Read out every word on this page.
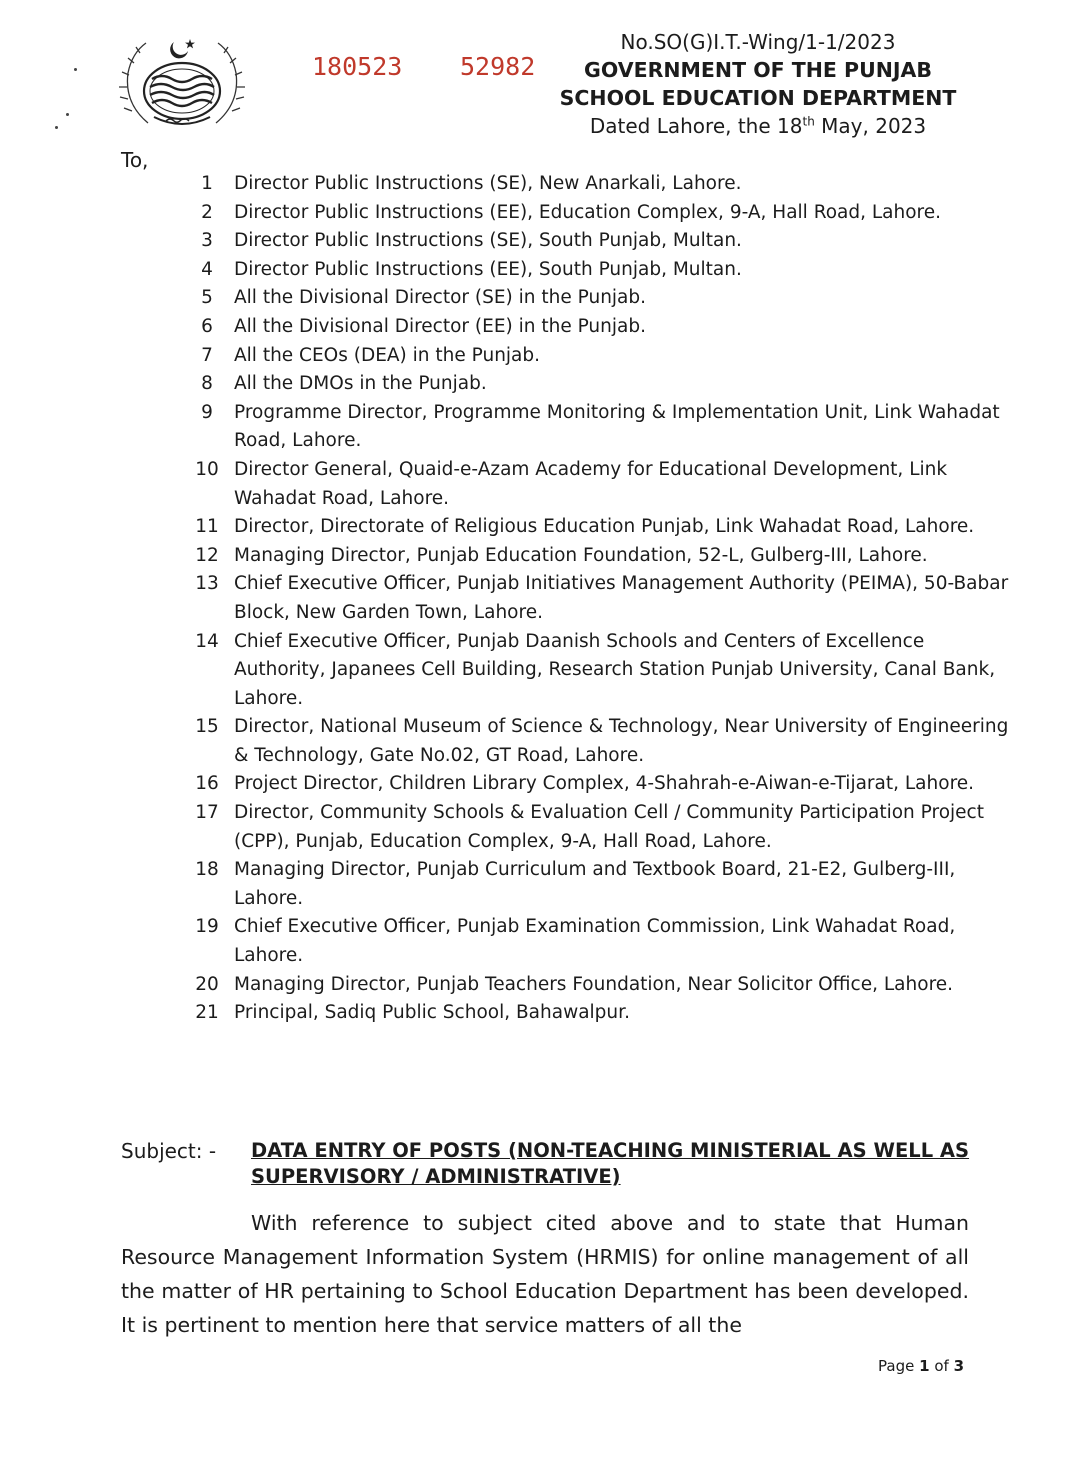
180523 52982
No.SO(G)I.T.-Wing/1-1/2023
GOVERNMENT OF THE PUNJAB
SCHOOL EDUCATION DEPARTMENT
Dated Lahore, the 18th May, 2023
To,
1	Director Public Instructions (SE), New Anarkali, Lahore.
2	Director Public Instructions (EE), Education Complex, 9-A, Hall Road, Lahore.
3	Director Public Instructions (SE), South Punjab, Multan.
4	Director Public Instructions (EE), South Punjab, Multan.
5	All the Divisional Director (SE) in the Punjab.
6	All the Divisional Director (EE) in the Punjab.
7	All the CEOs (DEA) in the Punjab.
8	All the DMOs in the Punjab.
9	Programme Director, Programme Monitoring & Implementation Unit, Link Wahadat Road, Lahore.
10 Director General, Quaid-e-Azam Academy for Educational Development, Link Wahadat Road, Lahore.
11 Director, Directorate of Religious Education Punjab, Link Wahadat Road, Lahore.
12 Managing Director, Punjab Education Foundation, 52-L, Gulberg-III, Lahore.
13 Chief Executive Officer, Punjab Initiatives Management Authority (PEIMA), 50-Babar Block, New Garden Town, Lahore.
14 Chief Executive Officer, Punjab Daanish Schools and Centers of Excellence Authority, Japanees Cell Building, Research Station Punjab University, Canal Bank, Lahore.
15 Director, National Museum of Science & Technology, Near University of Engineering & Technology, Gate No.02, GT Road, Lahore.
16 Project Director, Children Library Complex, 4-Shahrah-e-Aiwan-e-Tijarat, Lahore.
17 Director, Community Schools & Evaluation Cell / Community Participation Project (CPP), Punjab, Education Complex, 9-A, Hall Road, Lahore.
18 Managing Director, Punjab Curriculum and Textbook Board, 21-E2, Gulberg-III, Lahore.
19 Chief Executive Officer, Punjab Examination Commission, Link Wahadat Road, Lahore.
20 Managing Director, Punjab Teachers Foundation, Near Solicitor Office, Lahore.
21 Principal, Sadiq Public School, Bahawalpur.
Subject: -	DATA ENTRY OF POSTS (NON-TEACHING MINISTERIAL AS WELL AS SUPERVISORY / ADMINISTRATIVE)

With reference to subject cited above and to state that Human Resource Management Information System (HRMIS) for online management of all the matter of HR pertaining to School Education Department has been developed. It is pertinent to mention here that service matters of all the

Page 1 of 3
